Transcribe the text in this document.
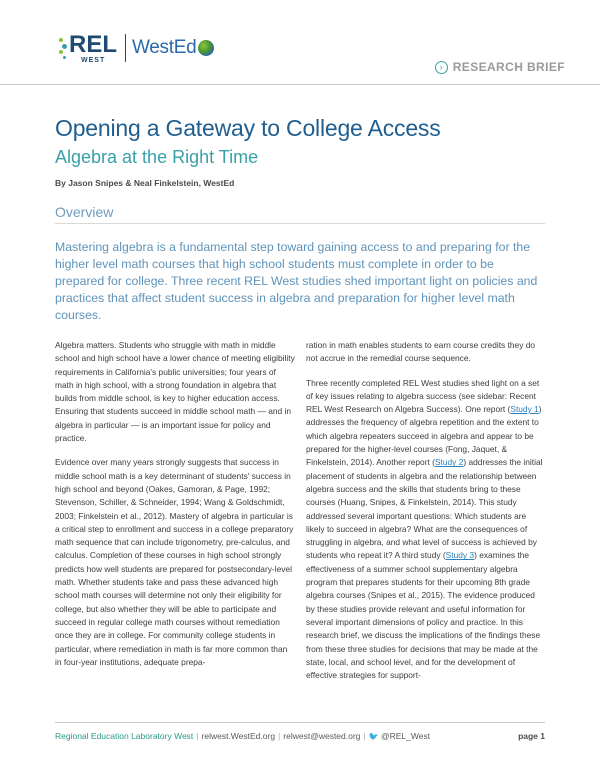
REL
WEST
WestEd
› RESEARCH BRIEF
Opening a Gateway to College Access
Algebra at the Right Time
By Jason Snipes & Neal Finkelstein, WestEd
Overview
Mastering algebra is a fundamental step toward gaining access to and preparing for the higher level math courses that high school students must complete in order to be prepared for college. Three recent REL West studies shed important light on policies and practices that affect student success in algebra and preparation for higher level math courses.

Algebra matters. Students who struggle with math in middle school and high school have a lower chance of meeting eligibility requirements in California's public universities; four years of math in high school, with a strong foundation in algebra that builds from middle school, is key to higher education access. Ensuring that students succeed in middle school math — and in algebra in particular — is an important issue for policy and practice.

Evidence over many years strongly suggests that success in middle school math is a key determinant of students' success in high school and beyond (Oakes, Gamoran, & Page, 1992; Stevenson, Schiller, & Schneider, 1994; Wang & Goldschmidt, 2003; Finkelstein et al., 2012). Mastery of algebra in particular is a critical step to enrollment and success in a college preparatory math sequence that can include trigonometry, pre-calculus, and calculus. Completion of these courses in high school strongly predicts how well students are prepared for postsecondary-level math. Whether students take and pass these advanced high school math courses will determine not only their eligibility for college, but also whether they will be able to participate and succeed in regular college math courses without remediation once they are in college. For community college students in particular, where remediation in math is far more common than in four-year institutions, adequate prepa-

ration in math enables students to earn course credits they do not accrue in the remedial course sequence.

Three recently completed REL West studies shed light on a set of key issues relating to algebra success (see sidebar: Recent REL West Research on Algebra Success). One report (Study 1) addresses the frequency of algebra repetition and the extent to which algebra repeaters succeed in algebra and appear to be prepared for the higher-level courses (Fong, Jaquet, & Finkelstein, 2014). Another report (Study 2) addresses the initial placement of students in algebra and the relationship between algebra success and the skills that students bring to these courses (Huang, Snipes, & Finkelstein, 2014). This study addressed several important questions: Which students are likely to succeed in algebra? What are the consequences of struggling in algebra, and what level of success is achieved by students who repeat it? A third study (Study 3) examines the effectiveness of a summer school supplementary algebra program that prepares students for their upcoming 8th grade algebra courses (Snipes et al., 2015). The evidence produced by these studies provide relevant and useful information for several important dimensions of policy and practice. In this research brief, we discuss the implications of the findings these from these three studies for decisions that may be made at the state, local, and school level, and for the development of effective strategies for support-

Regional Education Laboratory West | relwest.WestEd.org | relwest@wested.org | 🐦 @REL_West	page 1
